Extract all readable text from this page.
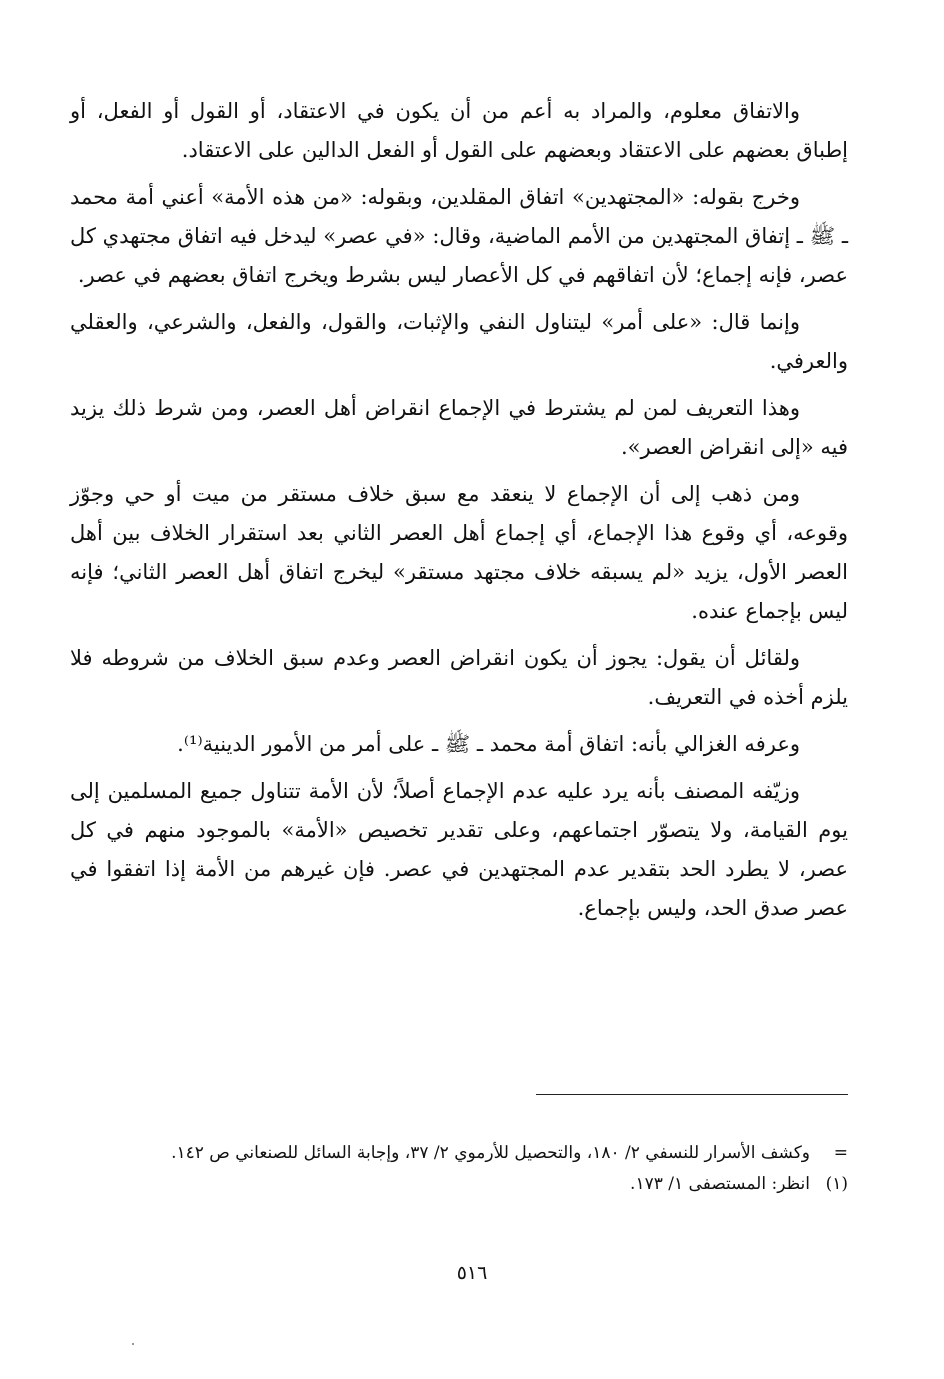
والاتفاق معلوم، والمراد به أعم من أن يكون في الاعتقاد، أو القول أو الفعل، أو إطباق بعضهم على الاعتقاد وبعضهم على القول أو الفعل الدالين على الاعتقاد.

وخرج بقوله: «المجتهدين» اتفاق المقلدين، وبقوله: «من هذه الأمة» أعني أمة محمد ـ ﷺ ـ إتفاق المجتهدين من الأمم الماضية، وقال: «في عصر» ليدخل فيه اتفاق مجتهدي كل عصر، فإنه إجماع؛ لأن اتفاقهم في كل الأعصار ليس بشرط ويخرج اتفاق بعضهم في عصر.

وإنما قال: «على أمر» ليتناول النفي والإثبات، والقول، والفعل، والشرعي، والعقلي والعرفي.

وهذا التعريف لمن لم يشترط في الإجماع انقراض أهل العصر، ومن شرط ذلك يزيد فيه «إلى انقراض العصر».

ومن ذهب إلى أن الإجماع لا ينعقد مع سبق خلاف مستقر من ميت أو حي وجوّز وقوعه، أي وقوع هذا الإجماع، أي إجماع أهل العصر الثاني بعد استقرار الخلاف بين أهل العصر الأول، يزيد «لم يسبقه خلاف مجتهد مستقر» ليخرج اتفاق أهل العصر الثاني؛ فإنه ليس بإجماع عنده.

ولقائل أن يقول: يجوز أن يكون انقراض العصر وعدم سبق الخلاف من شروطه فلا يلزم أخذه في التعريف.

وعرفه الغزالي بأنه: اتفاق أمة محمد ـ ﷺ ـ على أمر من الأمور الدينية⁽¹⁾.

وزيّفه المصنف بأنه يرد عليه عدم الإجماع أصلاً؛ لأن الأمة تتناول جميع المسلمين إلى يوم القيامة، ولا يتصوّر اجتماعهم، وعلى تقدير تخصيص «الأمة» بالموجود منهم في كل عصر، لا يطرد الحد بتقدير عدم المجتهدين في عصر. فإن غيرهم من الأمة إذا اتفقوا في عصر صدق الحد، وليس بإجماع.

=
وكشف الأسرار للنسفي ٢/ ١٨٠، والتحصيل للأرموي ٢/ ٣٧، وإجابة السائل للصنعاني ص ١٤٢.
(١)
انظر: المستصفى ١/ ١٧٣.
٥١٦
